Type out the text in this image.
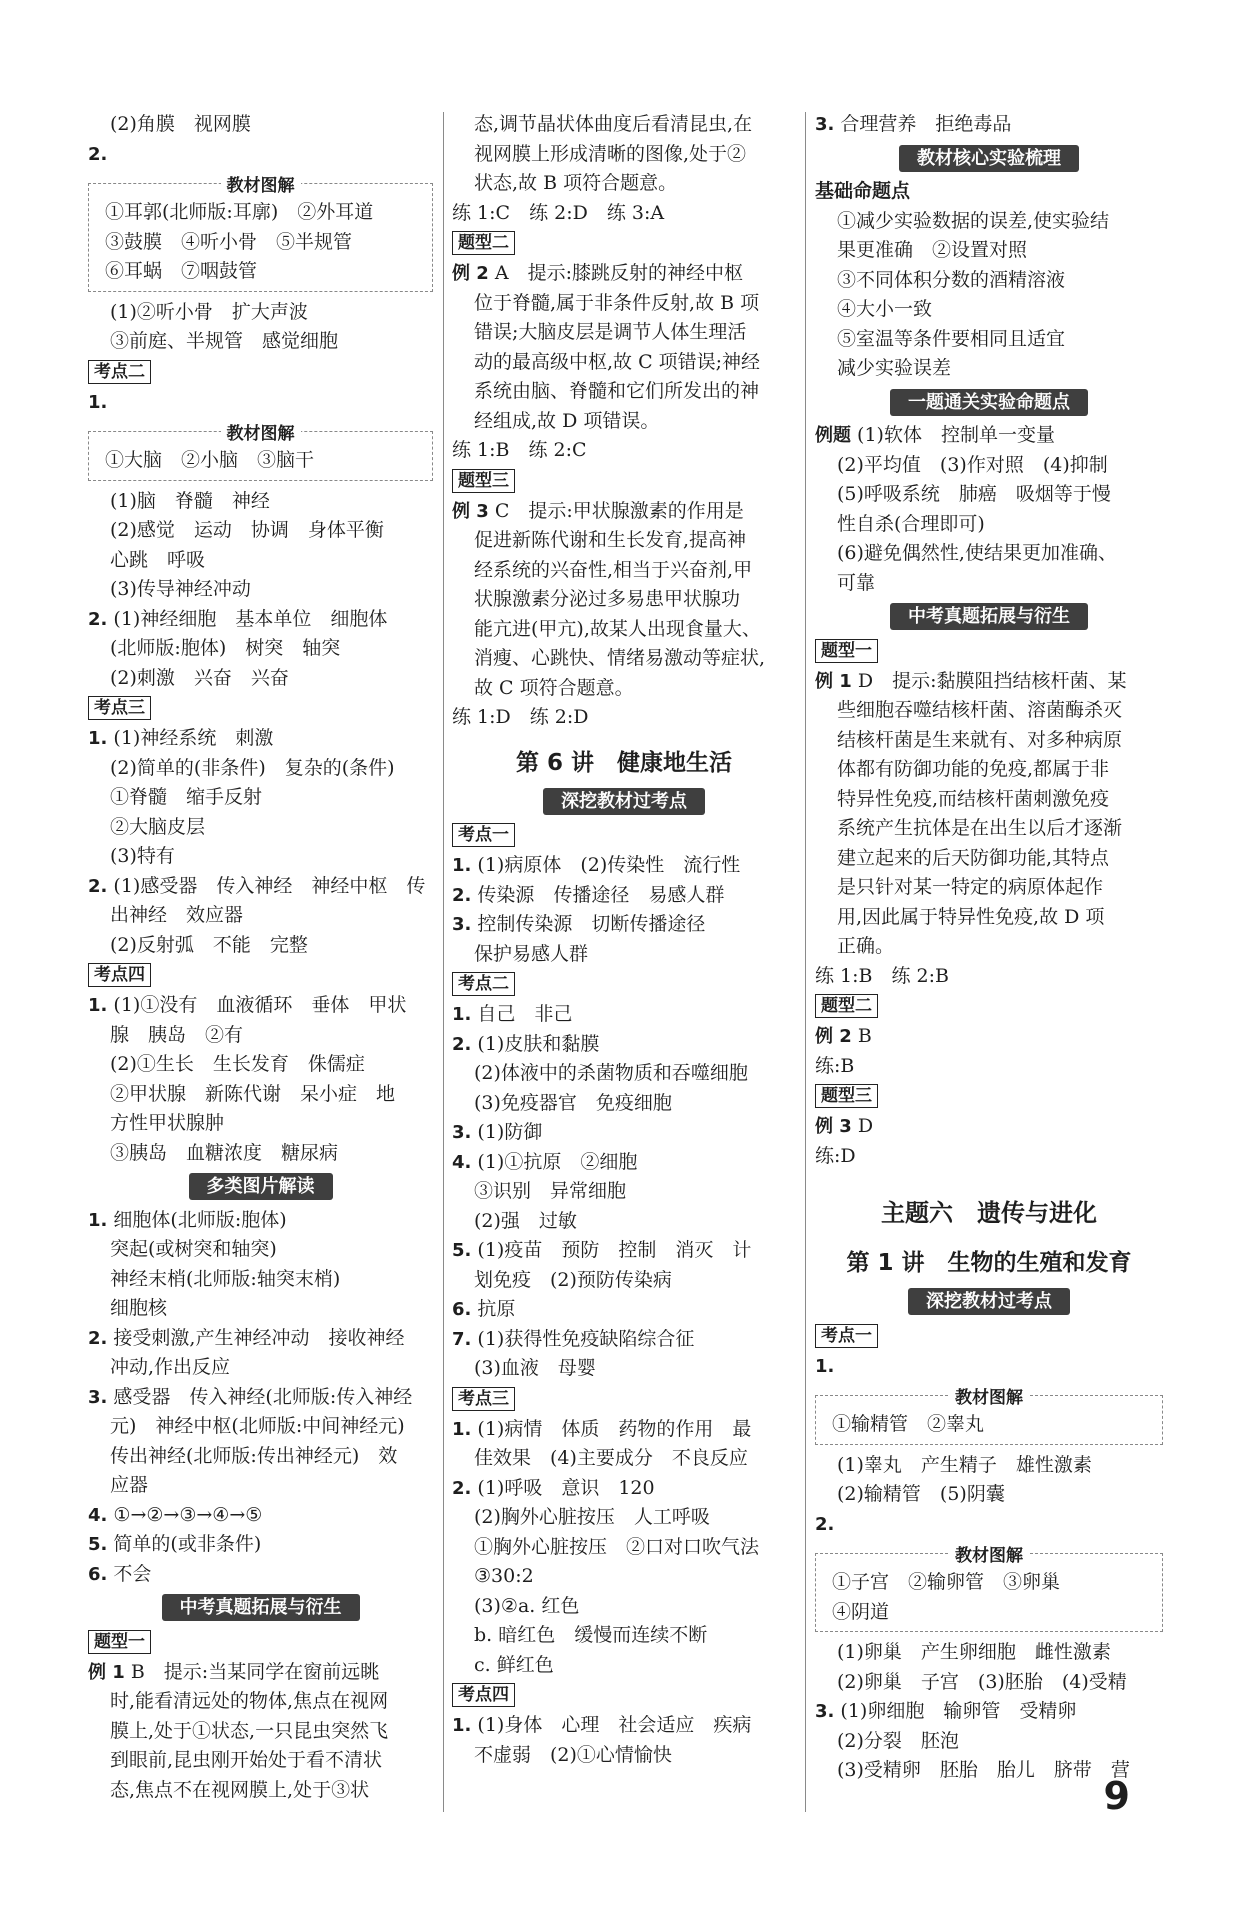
(2)角膜　视网膜
2.
教材图解
①耳郭(北师版:耳廓)　②外耳道
③鼓膜　④听小骨　⑤半规管
⑥耳蜗　⑦咽鼓管
(1)②听小骨　扩大声波
③前庭、半规管　感觉细胞
考点二
1.
教材图解
①大脑　②小脑　③脑干
(1)脑　脊髓　神经
(2)感觉　运动　协调　身体平衡
心跳　呼吸
(3)传导神经冲动
2. (1)神经细胞　基本单位　细胞体
(北师版:胞体)　树突　轴突
(2)刺激　兴奋　兴奋
考点三
1. (1)神经系统　刺激
(2)简单的(非条件)　复杂的(条件)
①脊髓　缩手反射
②大脑皮层
(3)特有
2. (1)感受器　传入神经　神经中枢　传
出神经　效应器
(2)反射弧　不能　完整
考点四
1. (1)①没有　血液循环　垂体　甲状
腺　胰岛　②有
(2)①生长　生长发育　侏儒症
②甲状腺　新陈代谢　呆小症　地
方性甲状腺肿
③胰岛　血糖浓度　糖尿病
多类图片解读
1. 细胞体(北师版:胞体)
突起(或树突和轴突)
神经末梢(北师版:轴突末梢)
细胞核
2. 接受刺激,产生神经冲动　接收神经
冲动,作出反应
3. 感受器　传入神经(北师版:传入神经
元)　神经中枢(北师版:中间神经元)
传出神经(北师版:传出神经元)　效
应器
4. ①→②→③→④→⑤
5. 简单的(或非条件)
6. 不会
中考真题拓展与衍生
题型一
例 1 B　提示:当某同学在窗前远眺
时,能看清远处的物体,焦点在视网
膜上,处于①状态,一只昆虫突然飞
到眼前,昆虫刚开始处于看不清状
态,焦点不在视网膜上,处于③状
态,调节晶状体曲度后看清昆虫,在
视网膜上形成清晰的图像,处于②
状态,故 B 项符合题意。
练 1:C　练 2:D　练 3:A
题型二
例 2 A　提示:膝跳反射的神经中枢
位于脊髓,属于非条件反射,故 B 项
错误;大脑皮层是调节人体生理活
动的最高级中枢,故 C 项错误;神经
系统由脑、脊髓和它们所发出的神
经组成,故 D 项错误。
练 1:B　练 2:C
题型三
例 3 C　提示:甲状腺激素的作用是
促进新陈代谢和生长发育,提高神
经系统的兴奋性,相当于兴奋剂,甲
状腺激素分泌过多易患甲状腺功
能亢进(甲亢),故某人出现食量大、
消瘦、心跳快、情绪易激动等症状,
故 C 项符合题意。
练 1:D　练 2:D
第 6 讲　健康地生活
深挖教材过考点
考点一
1. (1)病原体　(2)传染性　流行性
2. 传染源　传播途径　易感人群
3. 控制传染源　切断传播途径
保护易感人群
考点二
1. 自己　非己
2. (1)皮肤和黏膜
(2)体液中的杀菌物质和吞噬细胞
(3)免疫器官　免疫细胞
3. (1)防御
4. (1)①抗原　②细胞
③识别　异常细胞
(2)强　过敏
5. (1)疫苗　预防　控制　消灭　计
划免疫　(2)预防传染病
6. 抗原
7. (1)获得性免疫缺陷综合征
(3)血液　母婴
考点三
1. (1)病情　体质　药物的作用　最
佳效果　(4)主要成分　不良反应
2. (1)呼吸　意识　120
(2)胸外心脏按压　人工呼吸
①胸外心脏按压　②口对口吹气法
③30:2
(3)②a. 红色
b. 暗红色　缓慢而连续不断
c. 鲜红色
考点四
1. (1)身体　心理　社会适应　疾病
不虚弱　(2)①心情愉快
3. 合理营养　拒绝毒品
教材核心实验梳理
基础命题点
①减少实验数据的误差,使实验结
果更准确　②设置对照
③不同体积分数的酒精溶液
④大小一致
⑤室温等条件要相同且适宜
减少实验误差
一题通关实验命题点
例题 (1)软体　控制单一变量
(2)平均值　(3)作对照　(4)抑制
(5)呼吸系统　肺癌　吸烟等于慢
性自杀(合理即可)
(6)避免偶然性,使结果更加准确、
可靠
中考真题拓展与衍生
题型一
例 1 D　提示:黏膜阻挡结核杆菌、某
些细胞吞噬结核杆菌、溶菌酶杀灭
结核杆菌是生来就有、对多种病原
体都有防御功能的免疫,都属于非
特异性免疫,而结核杆菌刺激免疫
系统产生抗体是在出生以后才逐渐
建立起来的后天防御功能,其特点
是只针对某一特定的病原体起作
用,因此属于特异性免疫,故 D 项
正确。
练 1:B　练 2:B
题型二
例 2 B
练:B
题型三
例 3 D
练:D
主题六　遗传与进化
第 1 讲　生物的生殖和发育
深挖教材过考点
考点一
1.
教材图解
①输精管　②睾丸
(1)睾丸　产生精子　雄性激素
(2)输精管　(5)阴囊
2.
教材图解
①子宫　②输卵管　③卵巢
④阴道
(1)卵巢　产生卵细胞　雌性激素
(2)卵巢　子宫　(3)胚胎　(4)受精
3. (1)卵细胞　输卵管　受精卵
(2)分裂　胚泡
(3)受精卵　胚胎　胎儿　脐带　营
9
